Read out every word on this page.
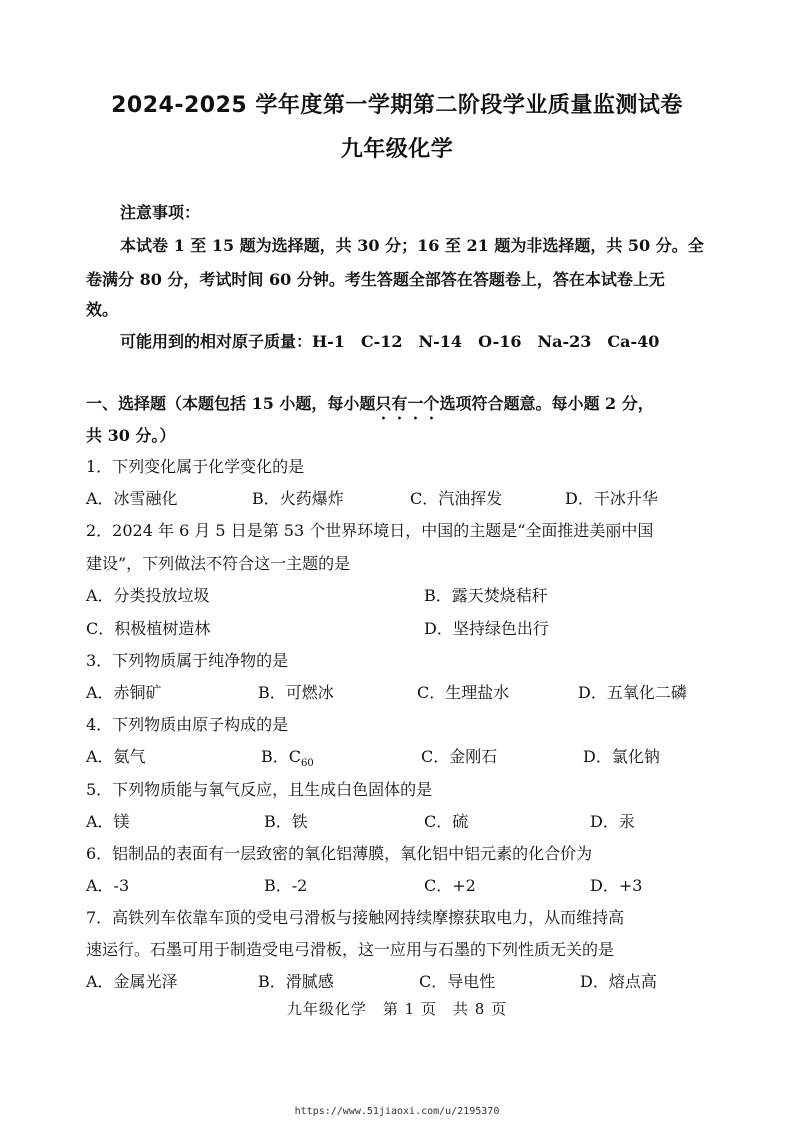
2024-2025 学年度第一学期第二阶段学业质量监测试卷
九年级化学
注意事项：
本试卷 1 至 15 题为选择题，共 30 分；16 至 21 题为非选择题，共 50 分。全
卷满分 80 分，考试时间 60 分钟。考生答题全部答在答题卷上，答在本试卷上无
效。
可能用到的相对原子质量：H-1　C-12　N-14　O-16　Na-23　Ca-40
一、选择题（本题包括 15 小题，每小题只有一个选项符合题意。每小题 2 分，
共 30 分。）
1．下列变化属于化学变化的是
A．冰雪融化	B．火药爆炸	C．汽油挥发	D．干冰升华
2．2024 年 6 月 5 日是第 53 个世界环境日，中国的主题是“全面推进美丽中国
建设”，下列做法不符合这一主题的是
A．分类投放垃圾	B．露天焚烧秸秆
C．积极植树造林	D．坚持绿色出行
3．下列物质属于纯净物的是
A．赤铜矿	B．可燃冰	C．生理盐水	D．五氧化二磷
4．下列物质由原子构成的是
A．氨气	B．$C_{60}$	C．金刚石	D．氯化钠
5．下列物质能与氧气反应，且生成白色固体的是
A．镁	B．铁	C．硫	D．汞
6．铝制品的表面有一层致密的氧化铝薄膜，氧化铝中铝元素的化合价为
A．-3	B．-2	C．+2	D．+3
7．高铁列车依靠车顶的受电弓滑板与接触网持续摩擦获取电力，从而维持高
速运行。石墨可用于制造受电弓滑板，这一应用与石墨的下列性质无关的是
A．金属光泽	B．滑腻感	C．导电性	D．熔点高
九年级化学　第 1 页　共 8 页
https://www.51jiaoxi.com/u/2195370
